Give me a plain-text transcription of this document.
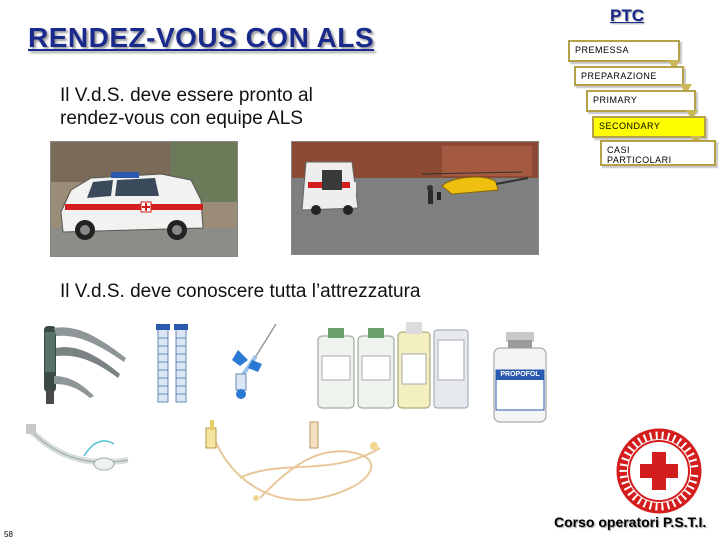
RENDEZ-VOUS CON ALS
PTC
PREMESSA
PREPARAZIONE
PRIMARY
SECONDARY
CASI
PARTICOLARI
Il V.d.S. deve essere pronto al
rendez-vous con equipe ALS
Il V.d.S. deve conoscere tutta l’attrezzatura
PROPOFOL
Corso operatori P.S.T.I.
58
